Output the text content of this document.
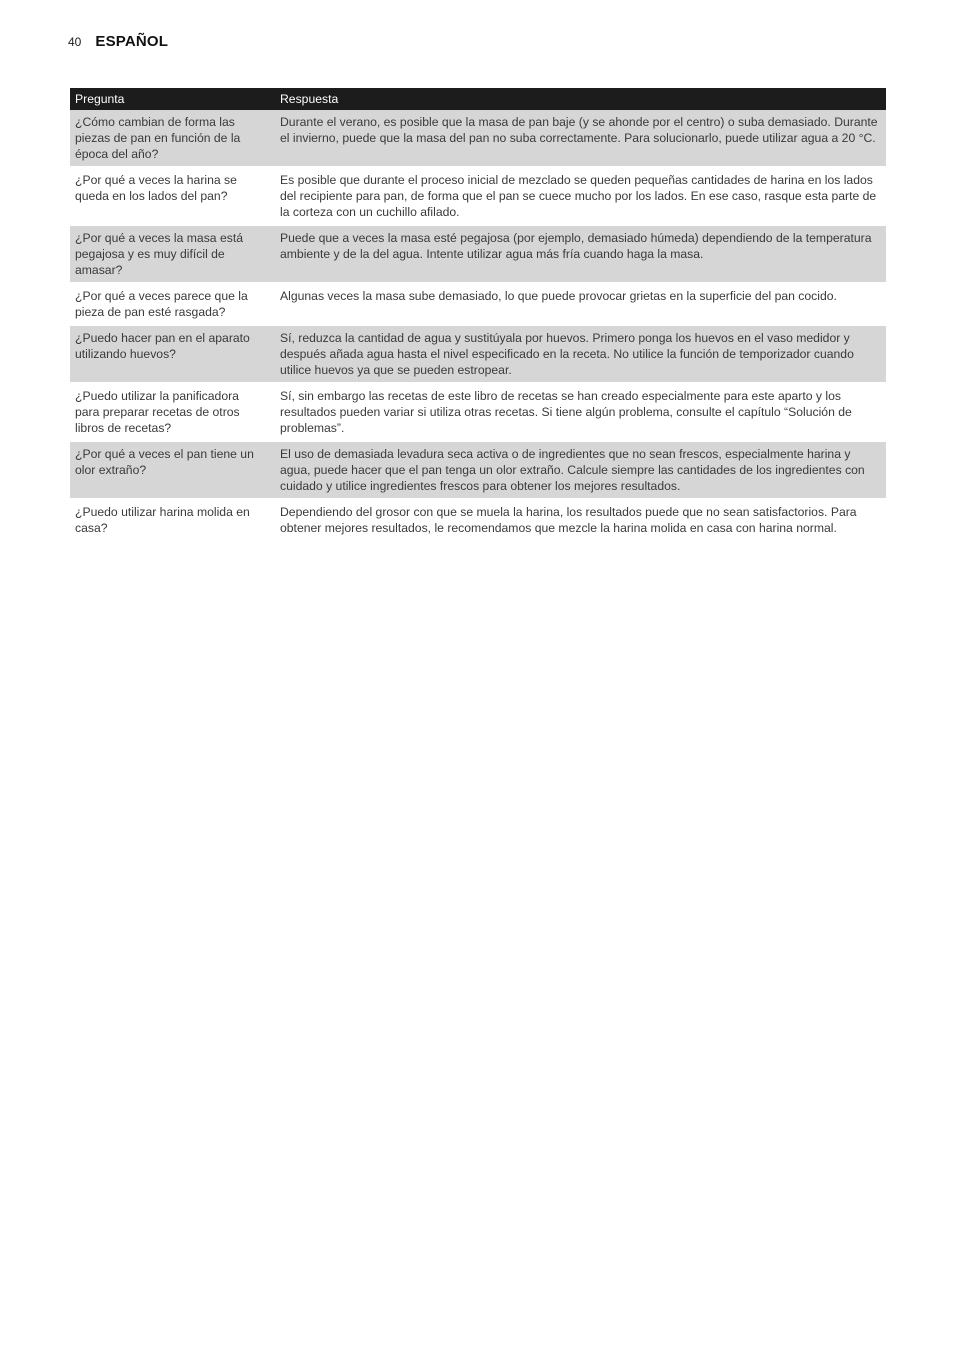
40 ESPAÑOL
Pregunta	Respuesta
¿Cómo cambian de forma las piezas de pan en función de la época del año?	Durante el verano, es posible que la masa de pan baje (y se ahonde por el centro) o suba demasiado. Durante el invierno, puede que la masa del pan no suba correctamente. Para solucionarlo, puede utilizar agua a 20 °C.
¿Por qué a veces la harina se queda en los lados del pan?	Es posible que durante el proceso inicial de mezclado se queden pequeñas cantidades de harina en los lados del recipiente para pan, de forma que el pan se cuece mucho por los lados. En ese caso, rasque esta parte de la corteza con un cuchillo afilado.
¿Por qué a veces la masa está pegajosa y es muy difícil de amasar?	Puede que a veces la masa esté pegajosa (por ejemplo, demasiado húmeda) dependiendo de la temperatura ambiente y de la del agua. Intente utilizar agua más fría cuando haga la masa.
¿Por qué a veces parece que la pieza de pan esté rasgada?	Algunas veces la masa sube demasiado, lo que puede provocar grietas en la superficie del pan cocido.
¿Puedo hacer pan en el aparato utilizando huevos?	Sí, reduzca la cantidad de agua y sustitúyala por huevos. Primero ponga los huevos en el vaso medidor y después añada agua hasta el nivel especificado en la receta. No utilice la función de temporizador cuando utilice huevos ya que se pueden estropear.
¿Puedo utilizar la panificadora para preparar recetas de otros libros de recetas?	Sí, sin embargo las recetas de este libro de recetas se han creado especialmente para este aparto y los resultados pueden variar si utiliza otras recetas. Si tiene algún problema, consulte el capítulo “Solución de problemas”.
¿Por qué a veces el pan tiene un olor extraño?	El uso de demasiada levadura seca activa o de ingredientes que no sean frescos, especialmente harina y agua, puede hacer que el pan tenga un olor extraño. Calcule siempre las cantidades de los ingredientes con cuidado y utilice ingredientes frescos para obtener los mejores resultados.
¿Puedo utilizar harina molida en casa?	Dependiendo del grosor con que se muela la harina, los resultados puede que no sean satisfactorios. Para obtener mejores resultados, le recomendamos que mezcle la harina molida en casa con harina normal.
